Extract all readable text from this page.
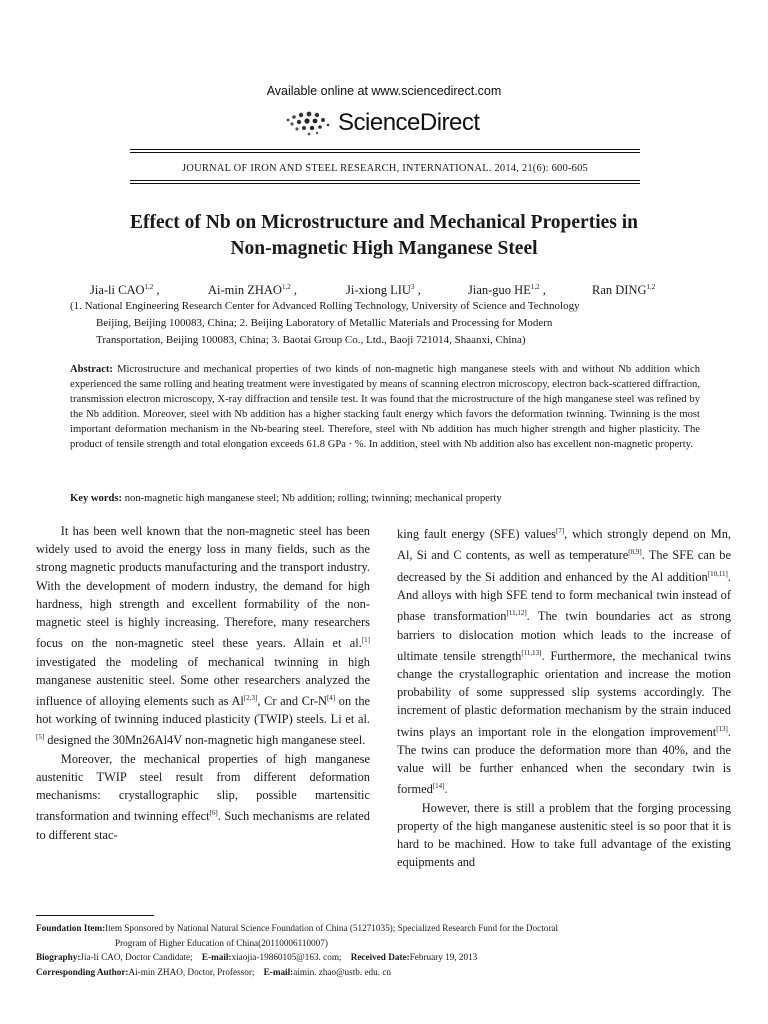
Available online at www.sciencedirect.com
ScienceDirect
JOURNAL OF IRON AND STEEL RESEARCH, INTERNATIONAL. 2014, 21(6): 600-605
Effect of Nb on Microstructure and Mechanical Properties in
Non-magnetic High Manganese Steel
Jia-li CAO$^{1,2}$ ,	Ai-min ZHAO$^{1,2}$ ,	Ji-xiong LIU$^3$ ,	Jian-guo HE$^{1,2}$ ,	Ran DING$^{1,2}$
(1. National Engineering Research Center for Advanced Rolling Technology, University of Science and Technology
Beijing, Beijing 100083, China; 2. Beijing Laboratory of Metallic Materials and Processing for Modern
Transportation, Beijing 100083, China; 3. Baotai Group Co., Ltd., Baoji 721014, Shaanxi, China)
Abstract: Microstructure and mechanical properties of two kinds of non-magnetic high manganese steels with and without Nb addition which experienced the same rolling and heating treatment were investigated by means of scanning electron microscopy, electron back-scattered diffraction, transmission electron microscopy, X-ray diffraction and tensile test. It was found that the microstructure of the high manganese steel was refined by the Nb addition. Moreover, steel with Nb addition has a higher stacking fault energy which favors the deformation twinning. Twinning is the most important deformation mechanism in the Nb-bearing steel. Therefore, steel with Nb addition has much higher strength and higher plasticity. The product of tensile strength and total elongation exceeds 61.8 GPa · %. In addition, steel with Nb addition also has excellent non-magnetic property.
Key words: non-magnetic high manganese steel; Nb addition; rolling; twinning; mechanical property

It has been well known that the non-magnetic steel has been widely used to avoid the energy loss in many fields, such as the strong magnetic products manufacturing and the transport industry. With the development of modern industry, the demand for high hardness, high strength and excellent formability of the non-magnetic steel is highly increasing. Therefore, many researchers focus on the non-magnetic steel these years. Allain et al.[1] investigated the modeling of mechanical twinning in high manganese austenitic steel. Some other researchers analyzed the influence of alloying elements such as Al[2,3], Cr and Cr-N[4] on the hot working of twinning induced plasticity (TWIP) steels. Li et al.[5] designed the 30Mn26Al4V non-magnetic high manganese steel.

Moreover, the mechanical properties of high manganese austenitic TWIP steel result from different deformation mechanisms: crystallographic slip, possible martensitic transformation and twinning effect[6]. Such mechanisms are related to different stac-

king fault energy (SFE) values[7], which strongly depend on Mn, Al, Si and C contents, as well as temperature[8,9]. The SFE can be decreased by the Si addition and enhanced by the Al addition[10,11]. And alloys with high SFE tend to form mechanical twin instead of phase transformation[11,12]. The twin boundaries act as strong barriers to dislocation motion which leads to the increase of ultimate tensile strength[11,13]. Furthermore, the mechanical twins change the crystallographic orientation and increase the motion probability of some suppressed slip systems accordingly. The increment of plastic deformation mechanism by the strain induced twins plays an important role in the elongation improvement[13]. The twins can produce the deformation more than 40%, and the value will be further enhanced when the secondary twin is formed[14].

However, there is still a problem that the forging processing property of the high manganese austenitic steel is so poor that it is hard to be machined. How to take full advantage of the existing equipments and

Foundation Item:Item Sponsored by National Natural Science Foundation of China (51271035); Specialized Research Fund for the Doctoral
Program of Higher Education of China(20110006110007)
Biography:Jia-li CAO, Doctor Candidate; E-mail:xiaojia-19860105@163. com; Received Date:February 19, 2013
Corresponding Author:Ai-min ZHAO, Doctor, Professor; E-mail:aimin. zhao@ustb. edu. cn
